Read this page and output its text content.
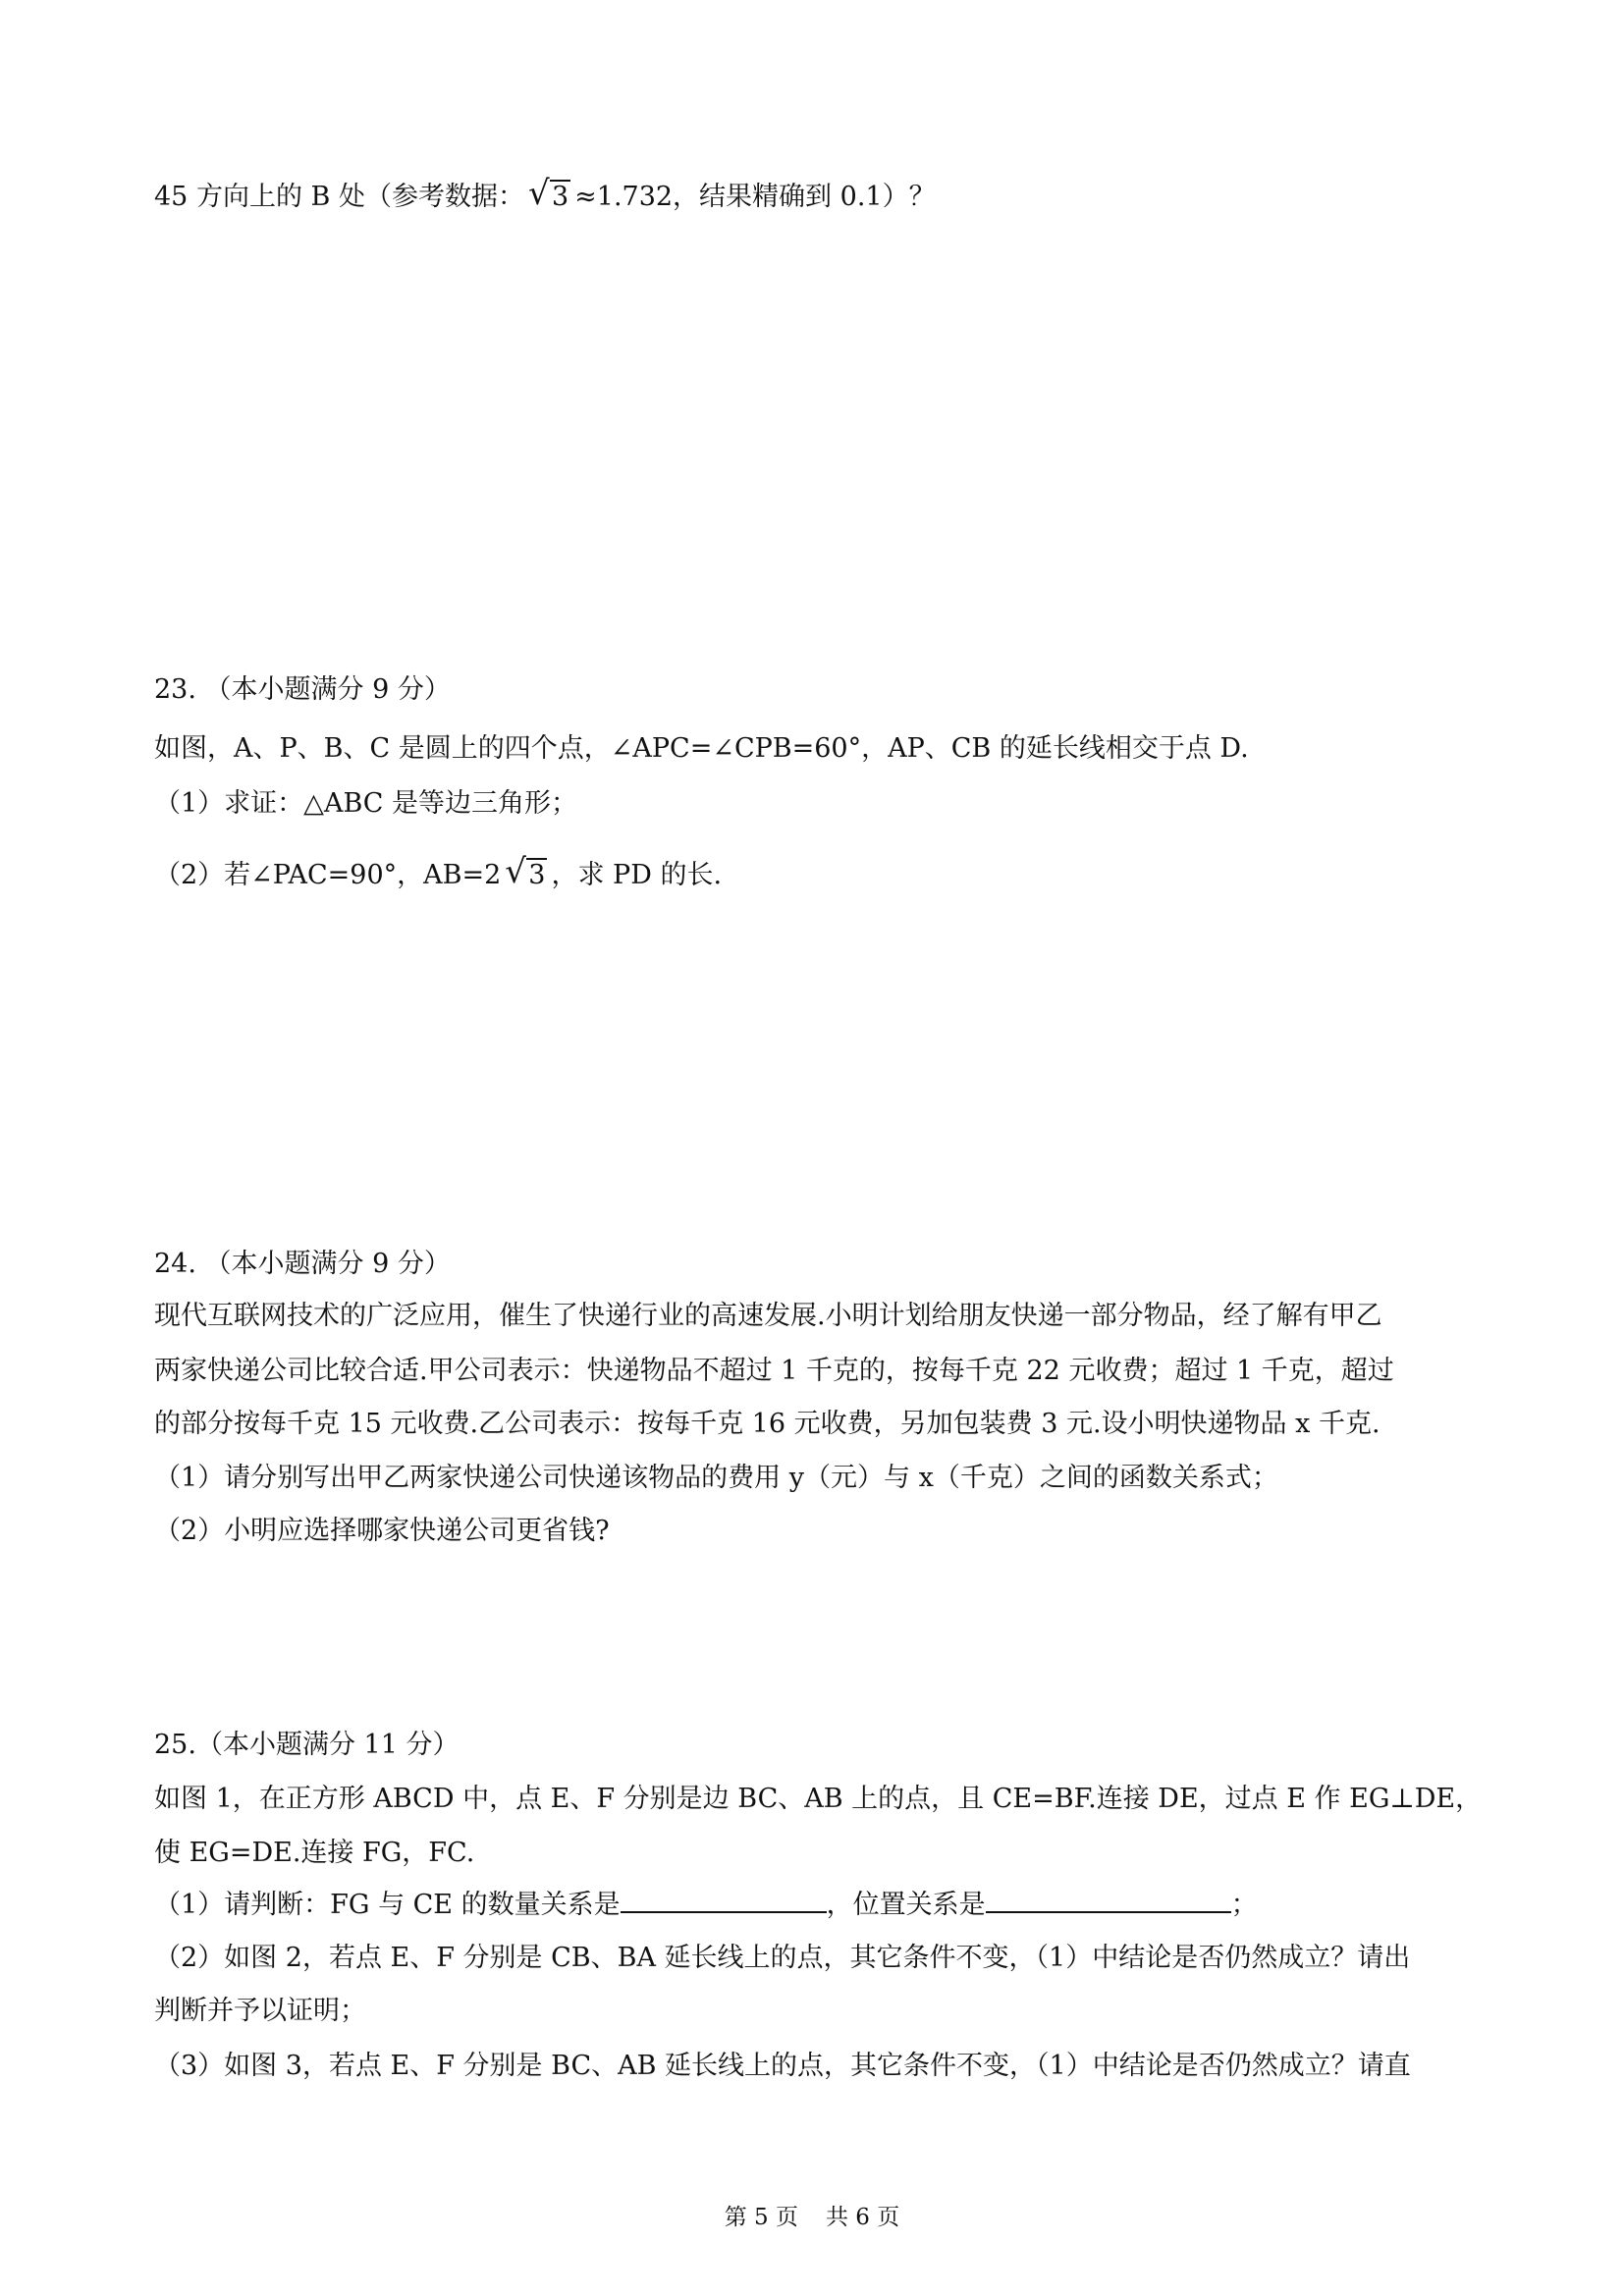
45 方向上的 B 处（参考数据： √ 3 ≈1.732，结果精确到 0.1）？
23. （本小题满分 9 分）
如图，A、P、B、C 是圆上的四个点，∠APC=∠CPB=60°，AP、CB 的延长线相交于点 D.
（1）求证：△ABC 是等边三角形；
（2）若∠PAC=90°，AB=2 √ 3 ，求 PD 的长.
24. （本小题满分 9 分）
现代互联网技术的广泛应用，催生了快递行业的高速发展.小明计划给朋友快递一部分物品，经了解有甲乙
两家快递公司比较合适.甲公司表示：快递物品不超过 1 千克的，按每千克 22 元收费；超过 1 千克，超过
的部分按每千克 15 元收费.乙公司表示：按每千克 16 元收费，另加包装费 3 元.设小明快递物品 x 千克.
（1）请分别写出甲乙两家快递公司快递该物品的费用 y（元）与 x（千克）之间的函数关系式；
（2）小明应选择哪家快递公司更省钱?
25.（本小题满分 11 分）
如图 1，在正方形 ABCD 中，点 E、F 分别是边 BC、AB 上的点，且 CE=BF.连接 DE，过点 E 作 EG⊥DE，
使 EG=DE.连接 FG，FC.
（1）请判断：FG 与 CE 的数量关系是	，位置关系是	；
（2）如图 2，若点 E、F 分别是 CB、BA 延长线上的点，其它条件不变，（1）中结论是否仍然成立？请出
判断并予以证明；
（3）如图 3，若点 E、F 分别是 BC、AB 延长线上的点，其它条件不变，（1）中结论是否仍然成立？请直
第 5 页 共 6 页
